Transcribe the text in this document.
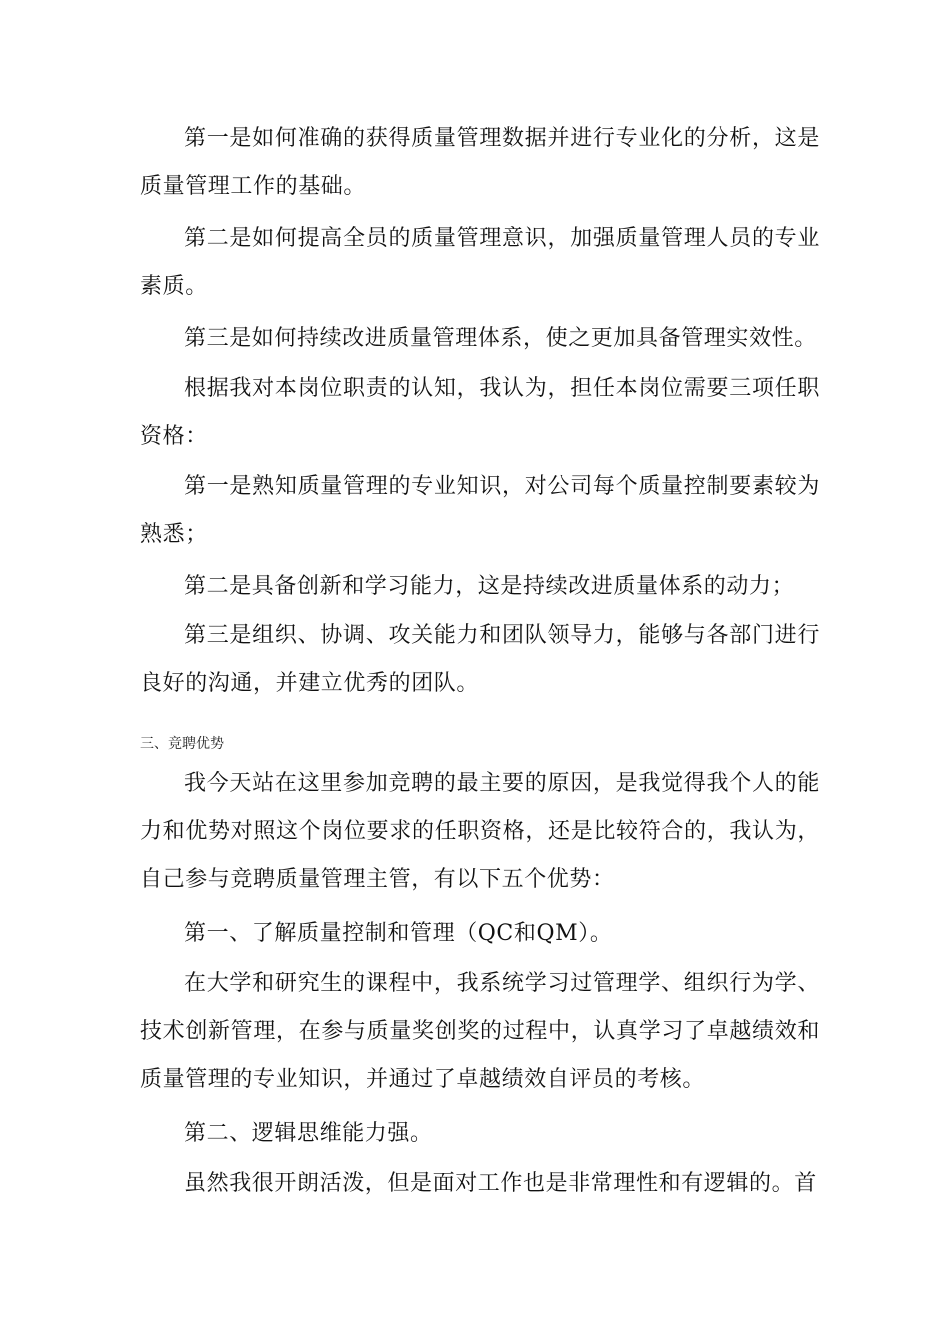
第一是如何准确的获得质量管理数据并进行专业化的分析，这是质量管理工作的基础。
第二是如何提高全员的质量管理意识，加强质量管理人员的专业素质。
第三是如何持续改进质量管理体系，使之更加具备管理实效性。
根据我对本岗位职责的认知，我认为，担任本岗位需要三项任职资格：
第一是熟知质量管理的专业知识，对公司每个质量控制要素较为熟悉；
第二是具备创新和学习能力，这是持续改进质量体系的动力；
第三是组织、协调、攻关能力和团队领导力，能够与各部门进行良好的沟通，并建立优秀的团队。
三、竞聘优势
我今天站在这里参加竞聘的最主要的原因，是我觉得我个人的能力和优势对照这个岗位要求的任职资格，还是比较符合的，我认为，自己参与竞聘质量管理主管，有以下五个优势：
第一、了解质量控制和管理（QC和QM）。
在大学和研究生的课程中，我系统学习过管理学、组织行为学、技术创新管理，在参与质量奖创奖的过程中，认真学习了卓越绩效和质量管理的专业知识，并通过了卓越绩效自评员的考核。
第二、逻辑思维能力强。
虽然我很开朗活泼，但是面对工作也是非常理性和有逻辑的。首
